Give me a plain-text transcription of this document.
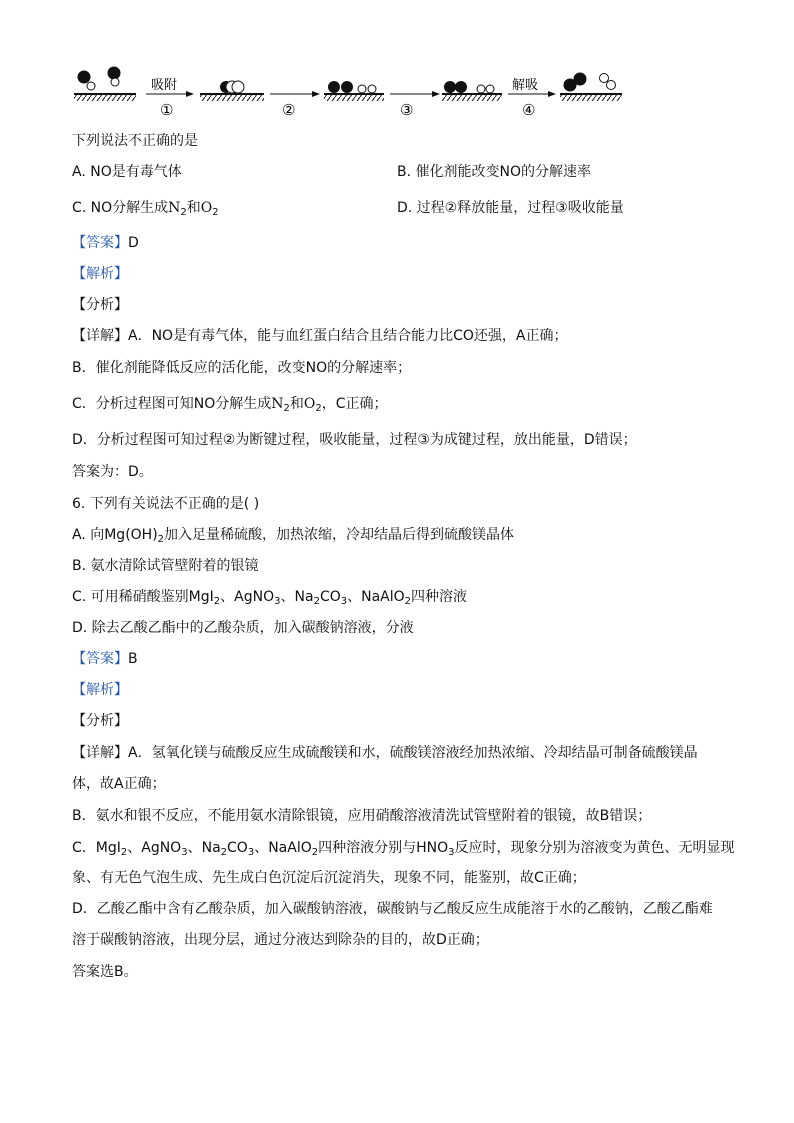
吸附
①	②	③
解吸
④
下列说法不正确的是
A. NO是有毒气体	B. 催化剂能改变NO的分解速率
C. NO分解生成$N_2$和$O_2$	D. 过程②释放能量，过程③吸收能量
【答案】D
【解析】
【分析】
【详解】A．NO是有毒气体，能与血红蛋白结合且结合能力比CO还强，A正确；
B．催化剂能降低反应的活化能，改变NO的分解速率；
C．分析过程图可知NO分解生成$N_2$和$O_2$，C正确；
D．分析过程图可知过程②为断键过程，吸收能量，过程③为成键过程，放出能量，D错误；
答案为：D。
6. 下列有关说法不正确的是( )
A. 向$Mg(OH)_2$加入足量稀硫酸，加热浓缩，冷却结晶后得到硫酸镁晶体
B. 氨水清除试管壁附着的银镜
C. 可用稀硝酸鉴别MgI$_2$、AgNO$_3$、$Na_2CO_3$、NaAlO$_2$四种溶液
D. 除去乙酸乙酯中的乙酸杂质，加入碳酸钠溶液，分液
【答案】B
【解析】
【分析】
【详解】A．氢氧化镁与硫酸反应生成硫酸镁和水，硫酸镁溶液经加热浓缩、冷却结晶可制备硫酸镁晶
体，故A正确；
B．氨水和银不反应，不能用氨水清除银镜，应用硝酸溶液清洗试管壁附着的银镜，故B错误；
C．MgI$_2$、AgNO$_3$、$Na_2CO_3$、NaAlO$_2$四种溶液分别与$HNO_3$反应时，现象分别为溶液变为黄色、无明显现
象、有无色气泡生成、先生成白色沉淀后沉淀消失，现象不同，能鉴别，故C正确；
D．乙酸乙酯中含有乙酸杂质，加入碳酸钠溶液，碳酸钠与乙酸反应生成能溶于水的乙酸钠，乙酸乙酯难
溶于碳酸钠溶液，出现分层，通过分液达到除杂的目的，故D正确；
答案选B。
